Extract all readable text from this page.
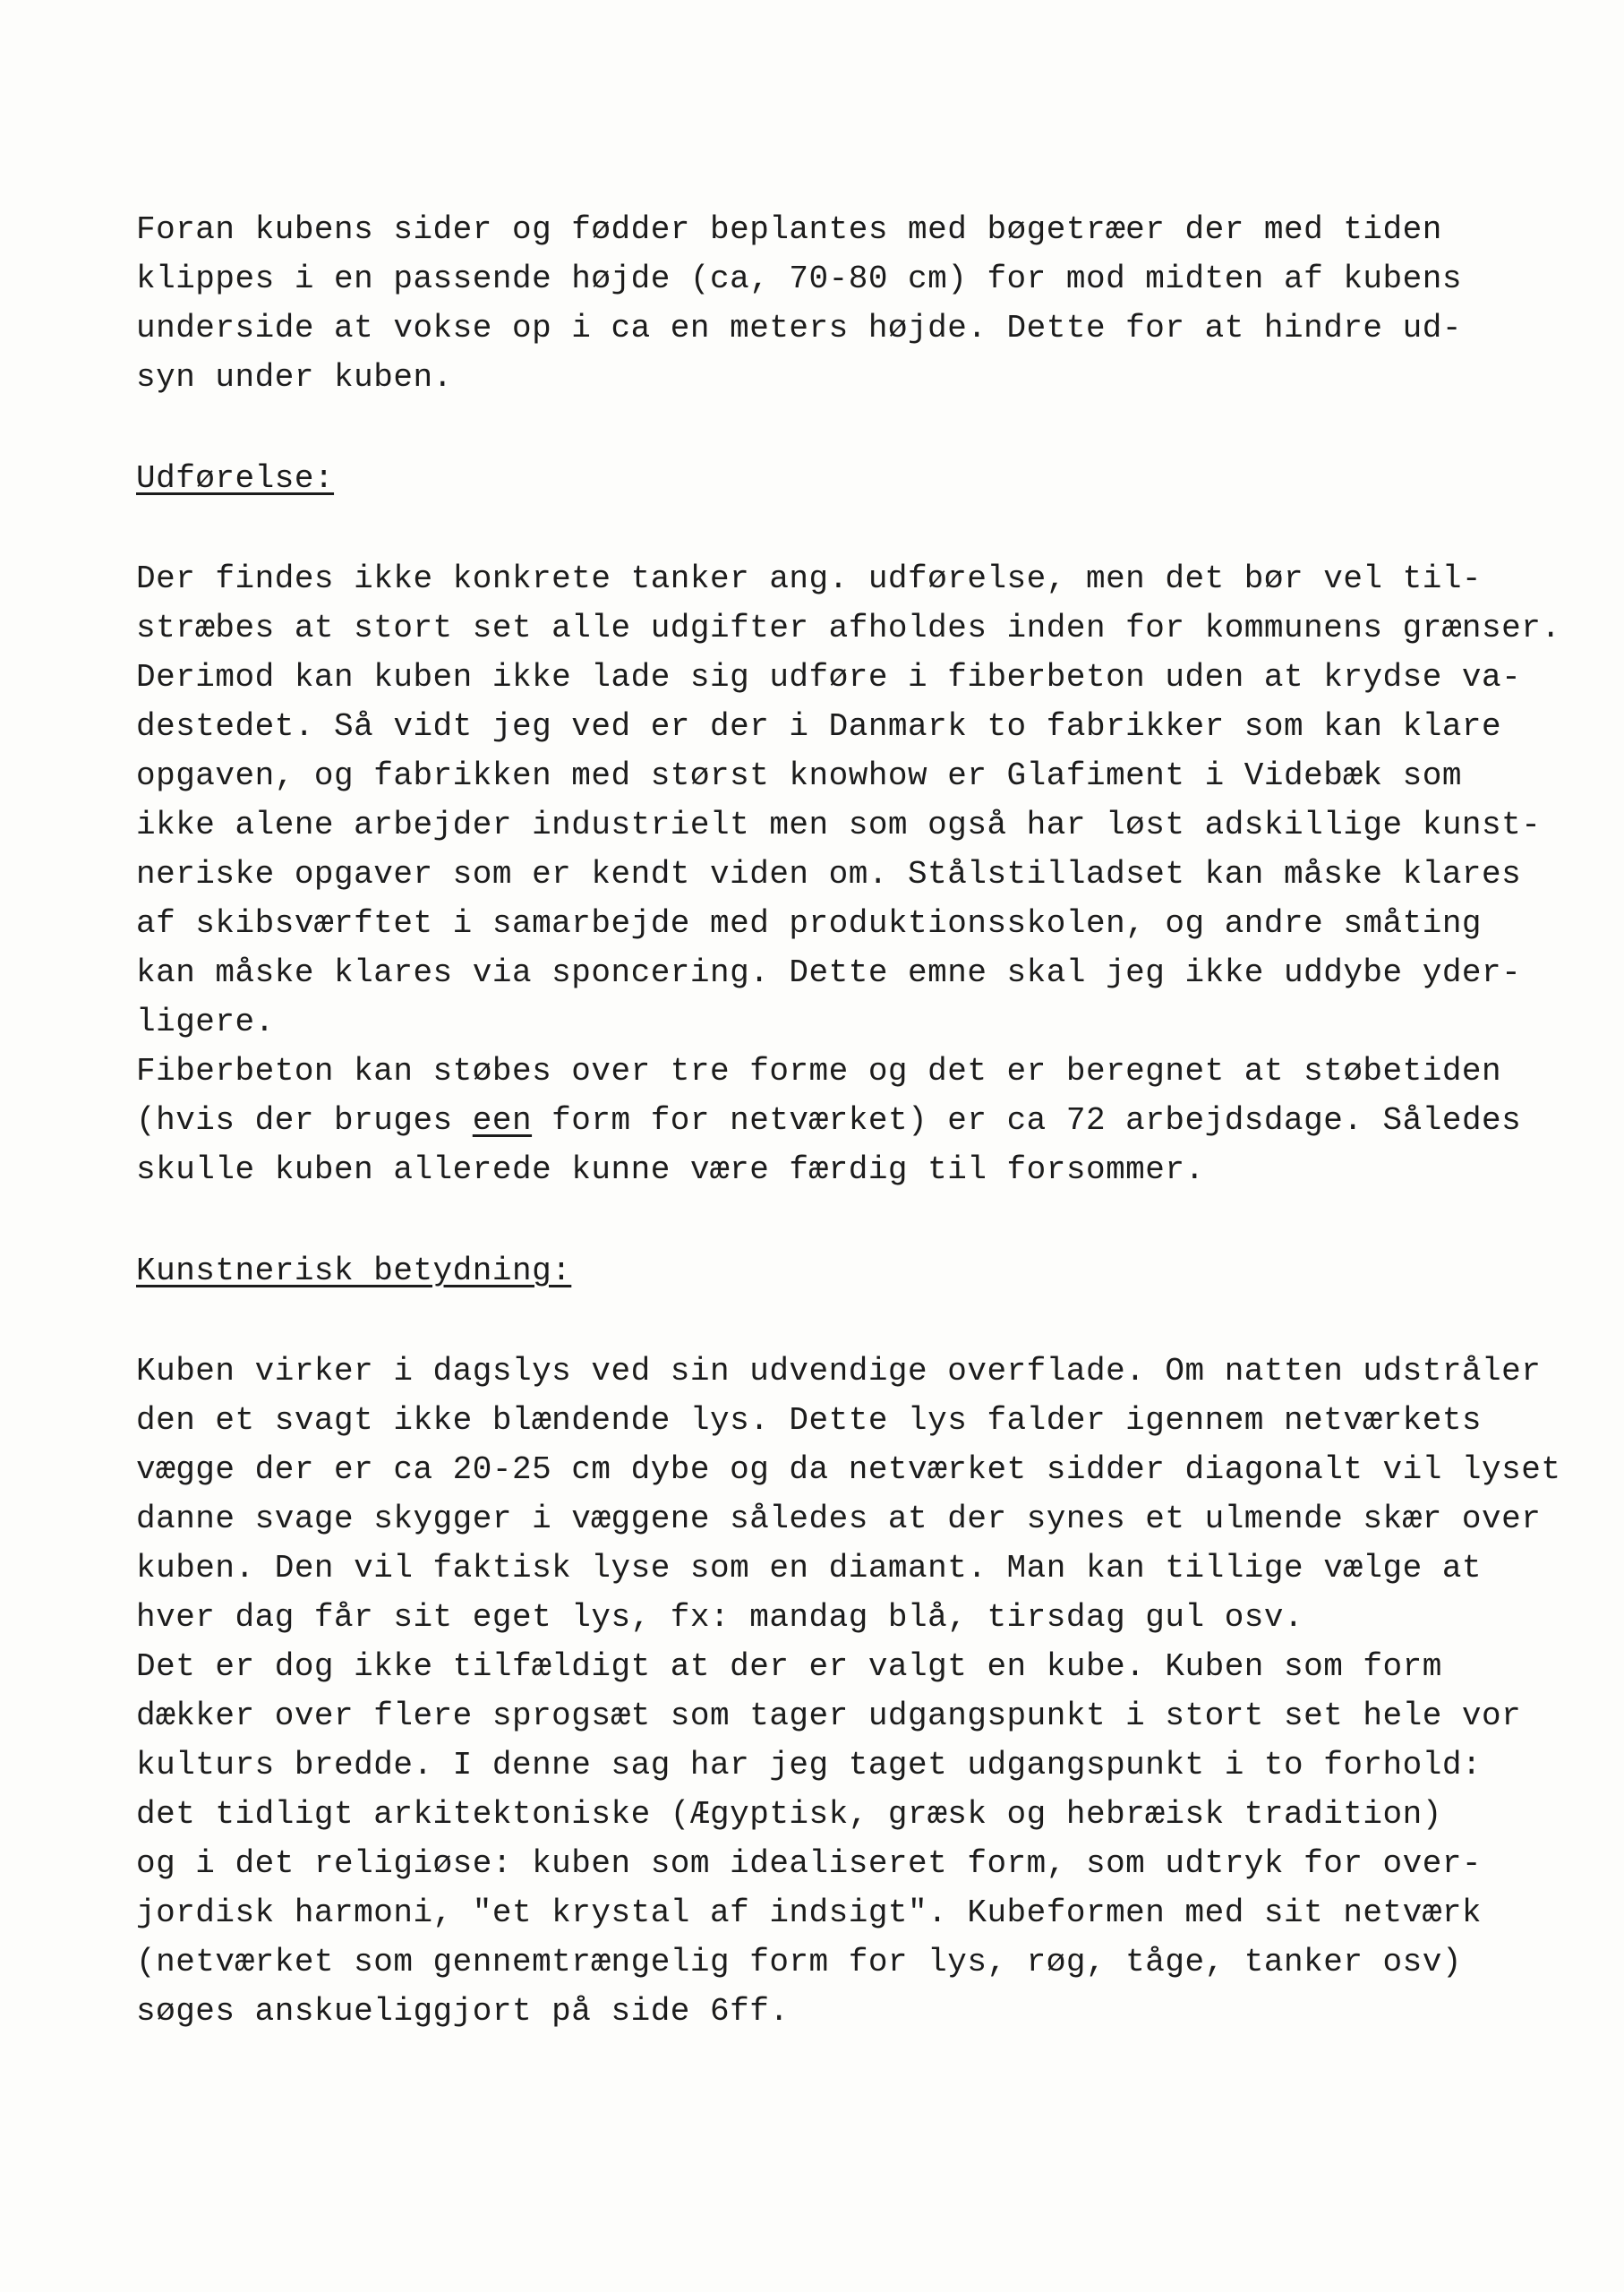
Foran kubens sider og fødder beplantes med bøgetræer der med tiden
klippes i en passende højde (ca, 70-80 cm) for mod midten af kubens
underside at vokse op i ca en meters højde. Dette for at hindre ud-
syn under kuben.
Udførelse:
Der findes ikke konkrete tanker ang. udførelse, men det bør vel til-
stræbes at stort set alle udgifter afholdes inden for kommunens grænser.
Derimod kan kuben ikke lade sig udføre i fiberbeton uden at krydse va-
destedet. Så vidt jeg ved er der i Danmark to fabrikker som kan klare
opgaven, og fabrikken med størst knowhow er Glafiment i Videbæk som
ikke alene arbejder industrielt men som også har løst adskillige kunst-
neriske opgaver som er kendt viden om. Stålstilladset kan måske klares
af skibsværftet i samarbejde med produktionsskolen, og andre småting
kan måske klares via sponcering. Dette emne skal jeg ikke uddybe yder-
ligere.
Fiberbeton kan støbes over tre forme og det er beregnet at støbetiden
(hvis der bruges een form for netværket) er ca 72 arbejdsdage. Således
skulle kuben allerede kunne være færdig til forsommer.
Kunstnerisk betydning:
Kuben virker i dagslys ved sin udvendige overflade. Om natten udstråler
den et svagt ikke blændende lys. Dette lys falder igennem netværkets
vægge der er ca 20-25 cm dybe og da netværket sidder diagonalt vil lyset
danne svage skygger i væggene således at der synes et ulmende skær over
kuben. Den vil faktisk lyse som en diamant. Man kan tillige vælge at
hver dag får sit eget lys, fx: mandag blå, tirsdag gul osv.
Det er dog ikke tilfældigt at der er valgt en kube. Kuben som form
dækker over flere sprogsæt som tager udgangspunkt i stort set hele vor
kulturs bredde. I denne sag har jeg taget udgangspunkt i to forhold:
det tidligt arkitektoniske (Ægyptisk, græsk og hebræisk tradition)
og i det religiøse: kuben som idealiseret form, som udtryk for over-
jordisk harmoni, "et krystal af indsigt". Kubeformen med sit netværk
(netværket som gennemtrængelig form for lys, røg, tåge, tanker osv)
søges anskueliggjort på side 6ff.
